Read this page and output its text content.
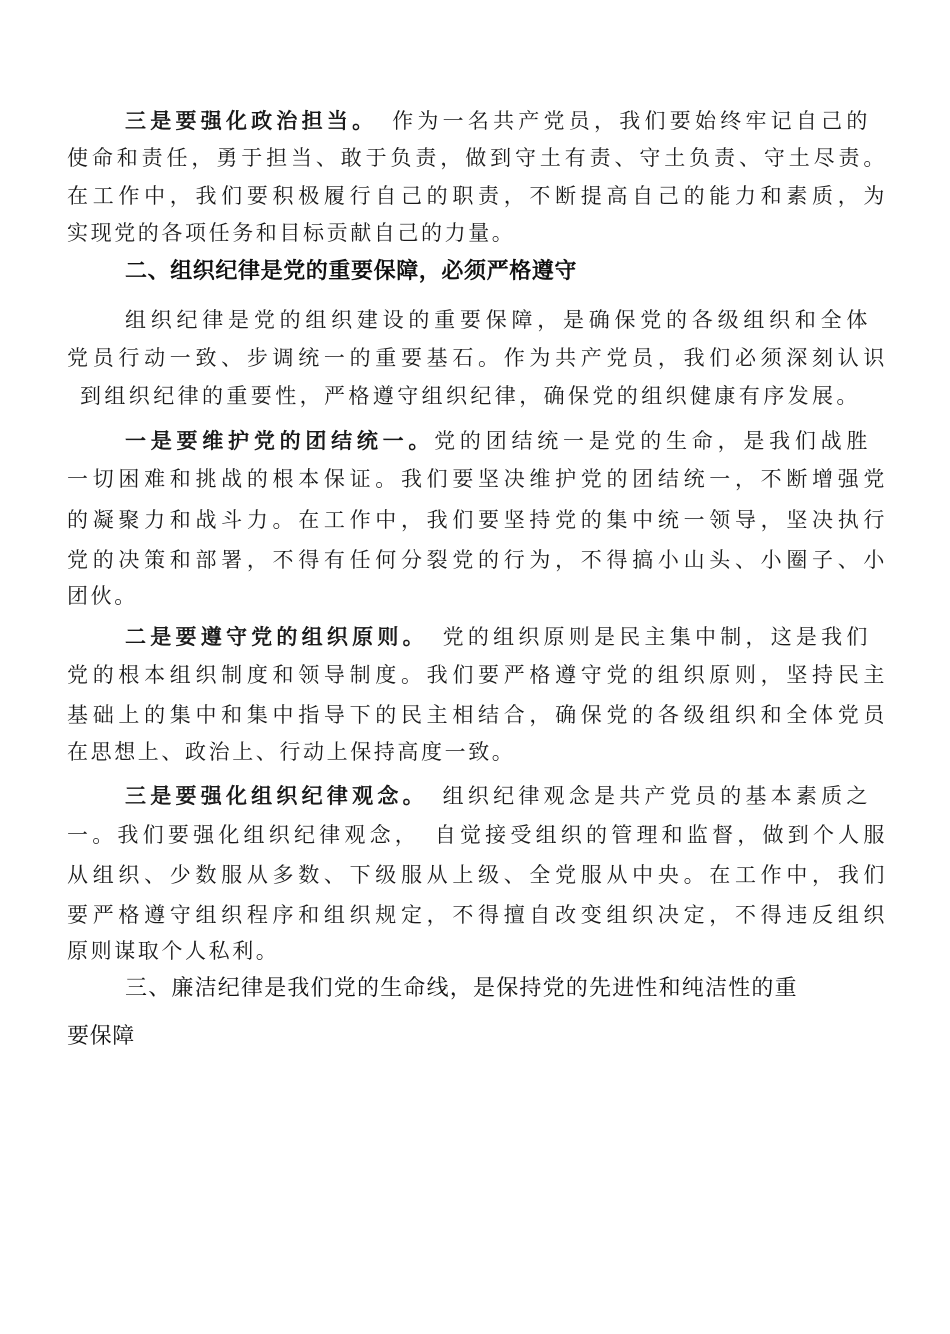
三是要强化政治担当。　 作为一名共产党员，我们要始终牢记自己的
使命和责任，勇于担当、敢于负责，做到守土有责、守土负责、守土尽责。
在工作中，我们要积极履行自己的职责，不断提高自己的能力和素质，为
实现党的各项任务和目标贡献自己的力量。
二、组织纪律是党的重要保障，必须严格遵守
组织纪律是党的组织建设的重要保障，是确保党的各级组织和全体
党员行动一致、步调统一的重要基石。作为共产党员，我们必须深刻认识
到组织纪律的重要性，严格遵守组织纪律，确保党的组织健康有序发展。
一是要维护党的团结统一。党的团结统一是党的生命，是我们战胜
一切困难和挑战的根本保证。我们要坚决维护党的团结统一，不断增强党
的凝聚力和战斗力。在工作中，我们要坚持党的集中统一领导，坚决执行
党的决策和部署，不得有任何分裂党的行为，不得搞小山头、小圈子、小
团伙。
二是要遵守党的组织原则。　 党的组织原则是民主集中制，这是我们
党的根本组织制度和领导制度。我们要严格遵守党的组织原则，坚持民主
基础上的集中和集中指导下的民主相结合，确保党的各级组织和全体党员
在思想上、政治上、行动上保持高度一致。
三是要强化组织纪律观念。　 组织纪律观念是共产党员的基本素质之
一。我们要强化组织纪律观念，　自觉接受组织的管理和监督，做到个人服
从组织、少数服从多数、下级服从上级、全党服从中央。在工作中，我们
要严格遵守组织程序和组织规定，不得擅自改变组织决定，不得违反组织
原则谋取个人私利。
三、廉洁纪律是我们党的生命线，是保持党的先进性和纯洁性的重
要保障
